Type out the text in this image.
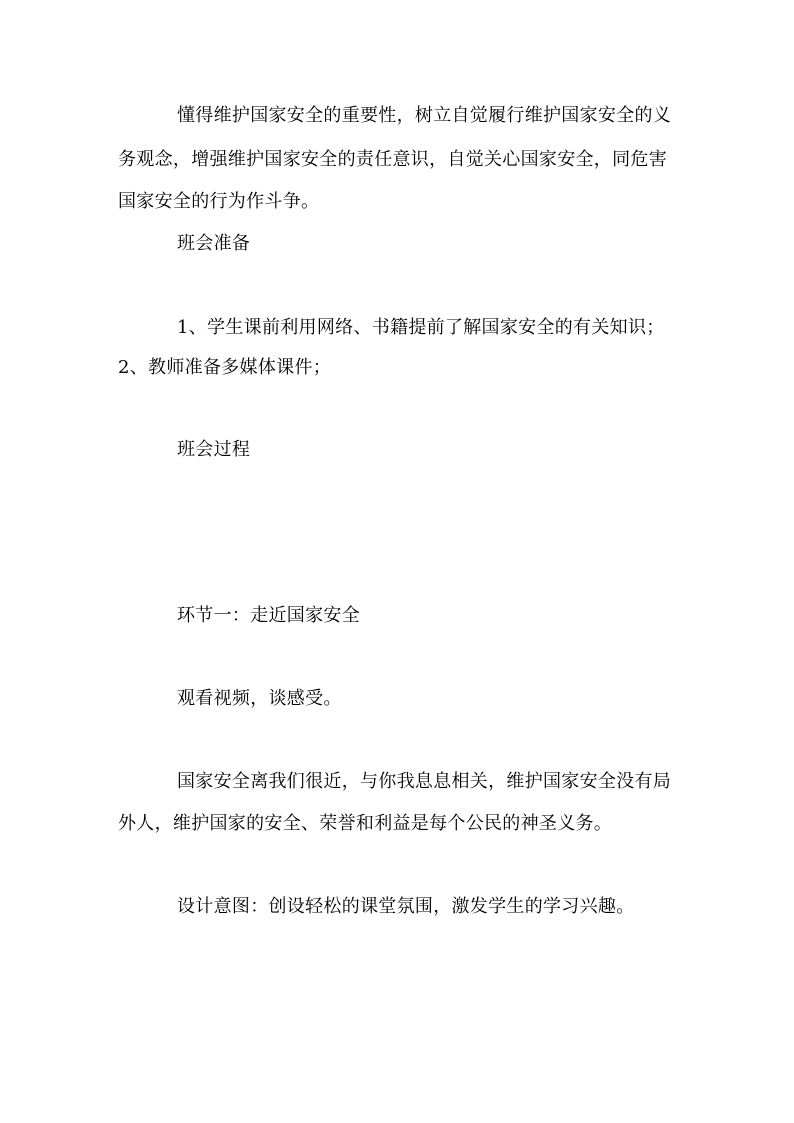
懂得维护国家安全的重要性，树立自觉履行维护国家安全的义
务观念，增强维护国家安全的责任意识，自觉关心国家安全，同危害
国家安全的行为作斗争。
班会准备
1、学生课前利用网络、书籍提前了解国家安全的有关知识；
2、教师准备多媒体课件；
班会过程
环节一：走近国家安全
观看视频，谈感受。
国家安全离我们很近，与你我息息相关，维护国家安全没有局
外人，维护国家的安全、荣誉和利益是每个公民的神圣义务。
设计意图：创设轻松的课堂氛围，激发学生的学习兴趣。
